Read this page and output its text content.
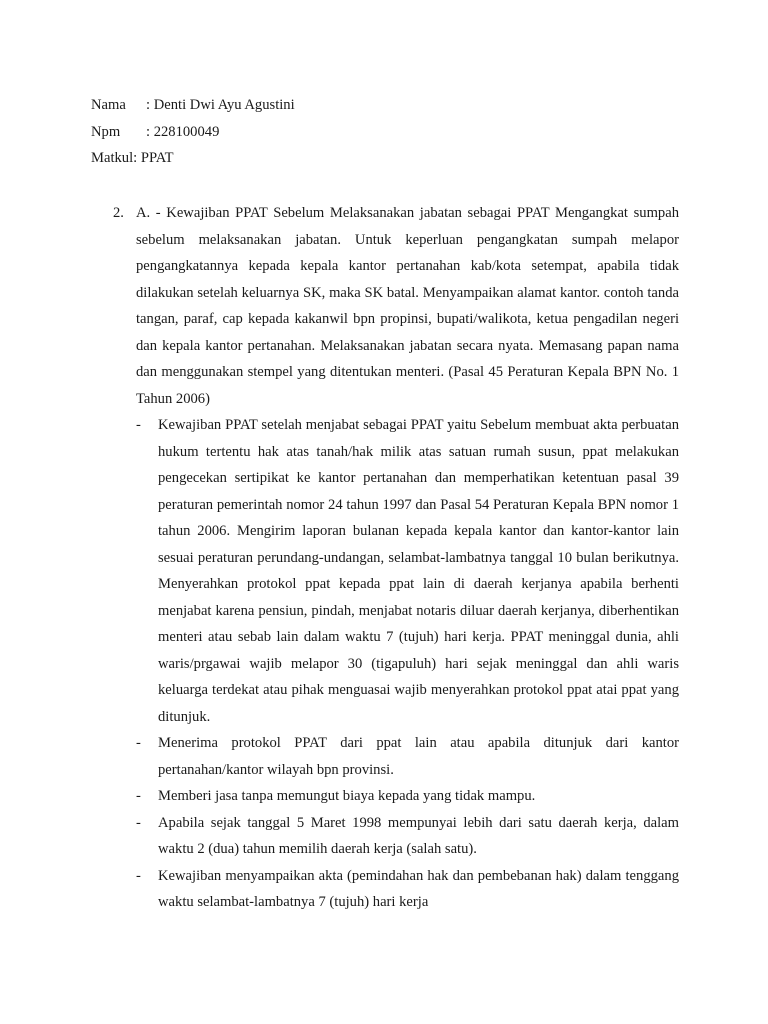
Nama : Denti Dwi Ayu Agustini
Npm : 228100049
Matkul: PPAT
2. A. - Kewajiban PPAT Sebelum Melaksanakan jabatan sebagai PPAT Mengangkat sumpah sebelum melaksanakan jabatan. Untuk keperluan pengangkatan sumpah melapor pengangkatannya kepada kepala kantor pertanahan kab/kota setempat, apabila tidak dilakukan setelah keluarnya SK, maka SK batal. Menyampaikan alamat kantor. contoh tanda tangan, paraf, cap kepada kakanwil bpn propinsi, bupati/walikota, ketua pengadilan negeri dan kepala kantor pertanahan. Melaksanakan jabatan secara nyata. Memasang papan nama dan menggunakan stempel yang ditentukan menteri. (Pasal 45 Peraturan Kepala BPN No. 1 Tahun 2006)

- Kewajiban PPAT setelah menjabat sebagai PPAT yaitu Sebelum membuat akta perbuatan hukum tertentu hak atas tanah/hak milik atas satuan rumah susun, ppat melakukan pengecekan sertipikat ke kantor pertanahan dan memperhatikan ketentuan pasal 39 peraturan pemerintah nomor 24 tahun 1997 dan Pasal 54 Peraturan Kepala BPN nomor 1 tahun 2006. Mengirim laporan bulanan kepada kepala kantor dan kantor-kantor lain sesuai peraturan perundang-undangan, selambat-lambatnya tanggal 10 bulan berikutnya. Menyerahkan protokol ppat kepada ppat lain di daerah kerjanya apabila berhenti menjabat karena pensiun, pindah, menjabat notaris diluar daerah kerjanya, diberhentikan menteri atau sebab lain dalam waktu 7 (tujuh) hari kerja. PPAT meninggal dunia, ahli waris/prgawai wajib melapor 30 (tigapuluh) hari sejak meninggal dan ahli waris keluarga terdekat atau pihak menguasai wajib menyerahkan protokol ppat atai ppat yang ditunjuk.
- Menerima protokol PPAT dari ppat lain atau apabila ditunjuk dari kantor pertanahan/kantor wilayah bpn provinsi.
- Memberi jasa tanpa memungut biaya kepada yang tidak mampu.
- Apabila sejak tanggal 5 Maret 1998 mempunyai lebih dari satu daerah kerja, dalam waktu 2 (dua) tahun memilih daerah kerja (salah satu).
- Kewajiban menyampaikan akta (pemindahan hak dan pembebanan hak) dalam tenggang waktu selambat-lambatnya 7 (tujuh) hari kerja
